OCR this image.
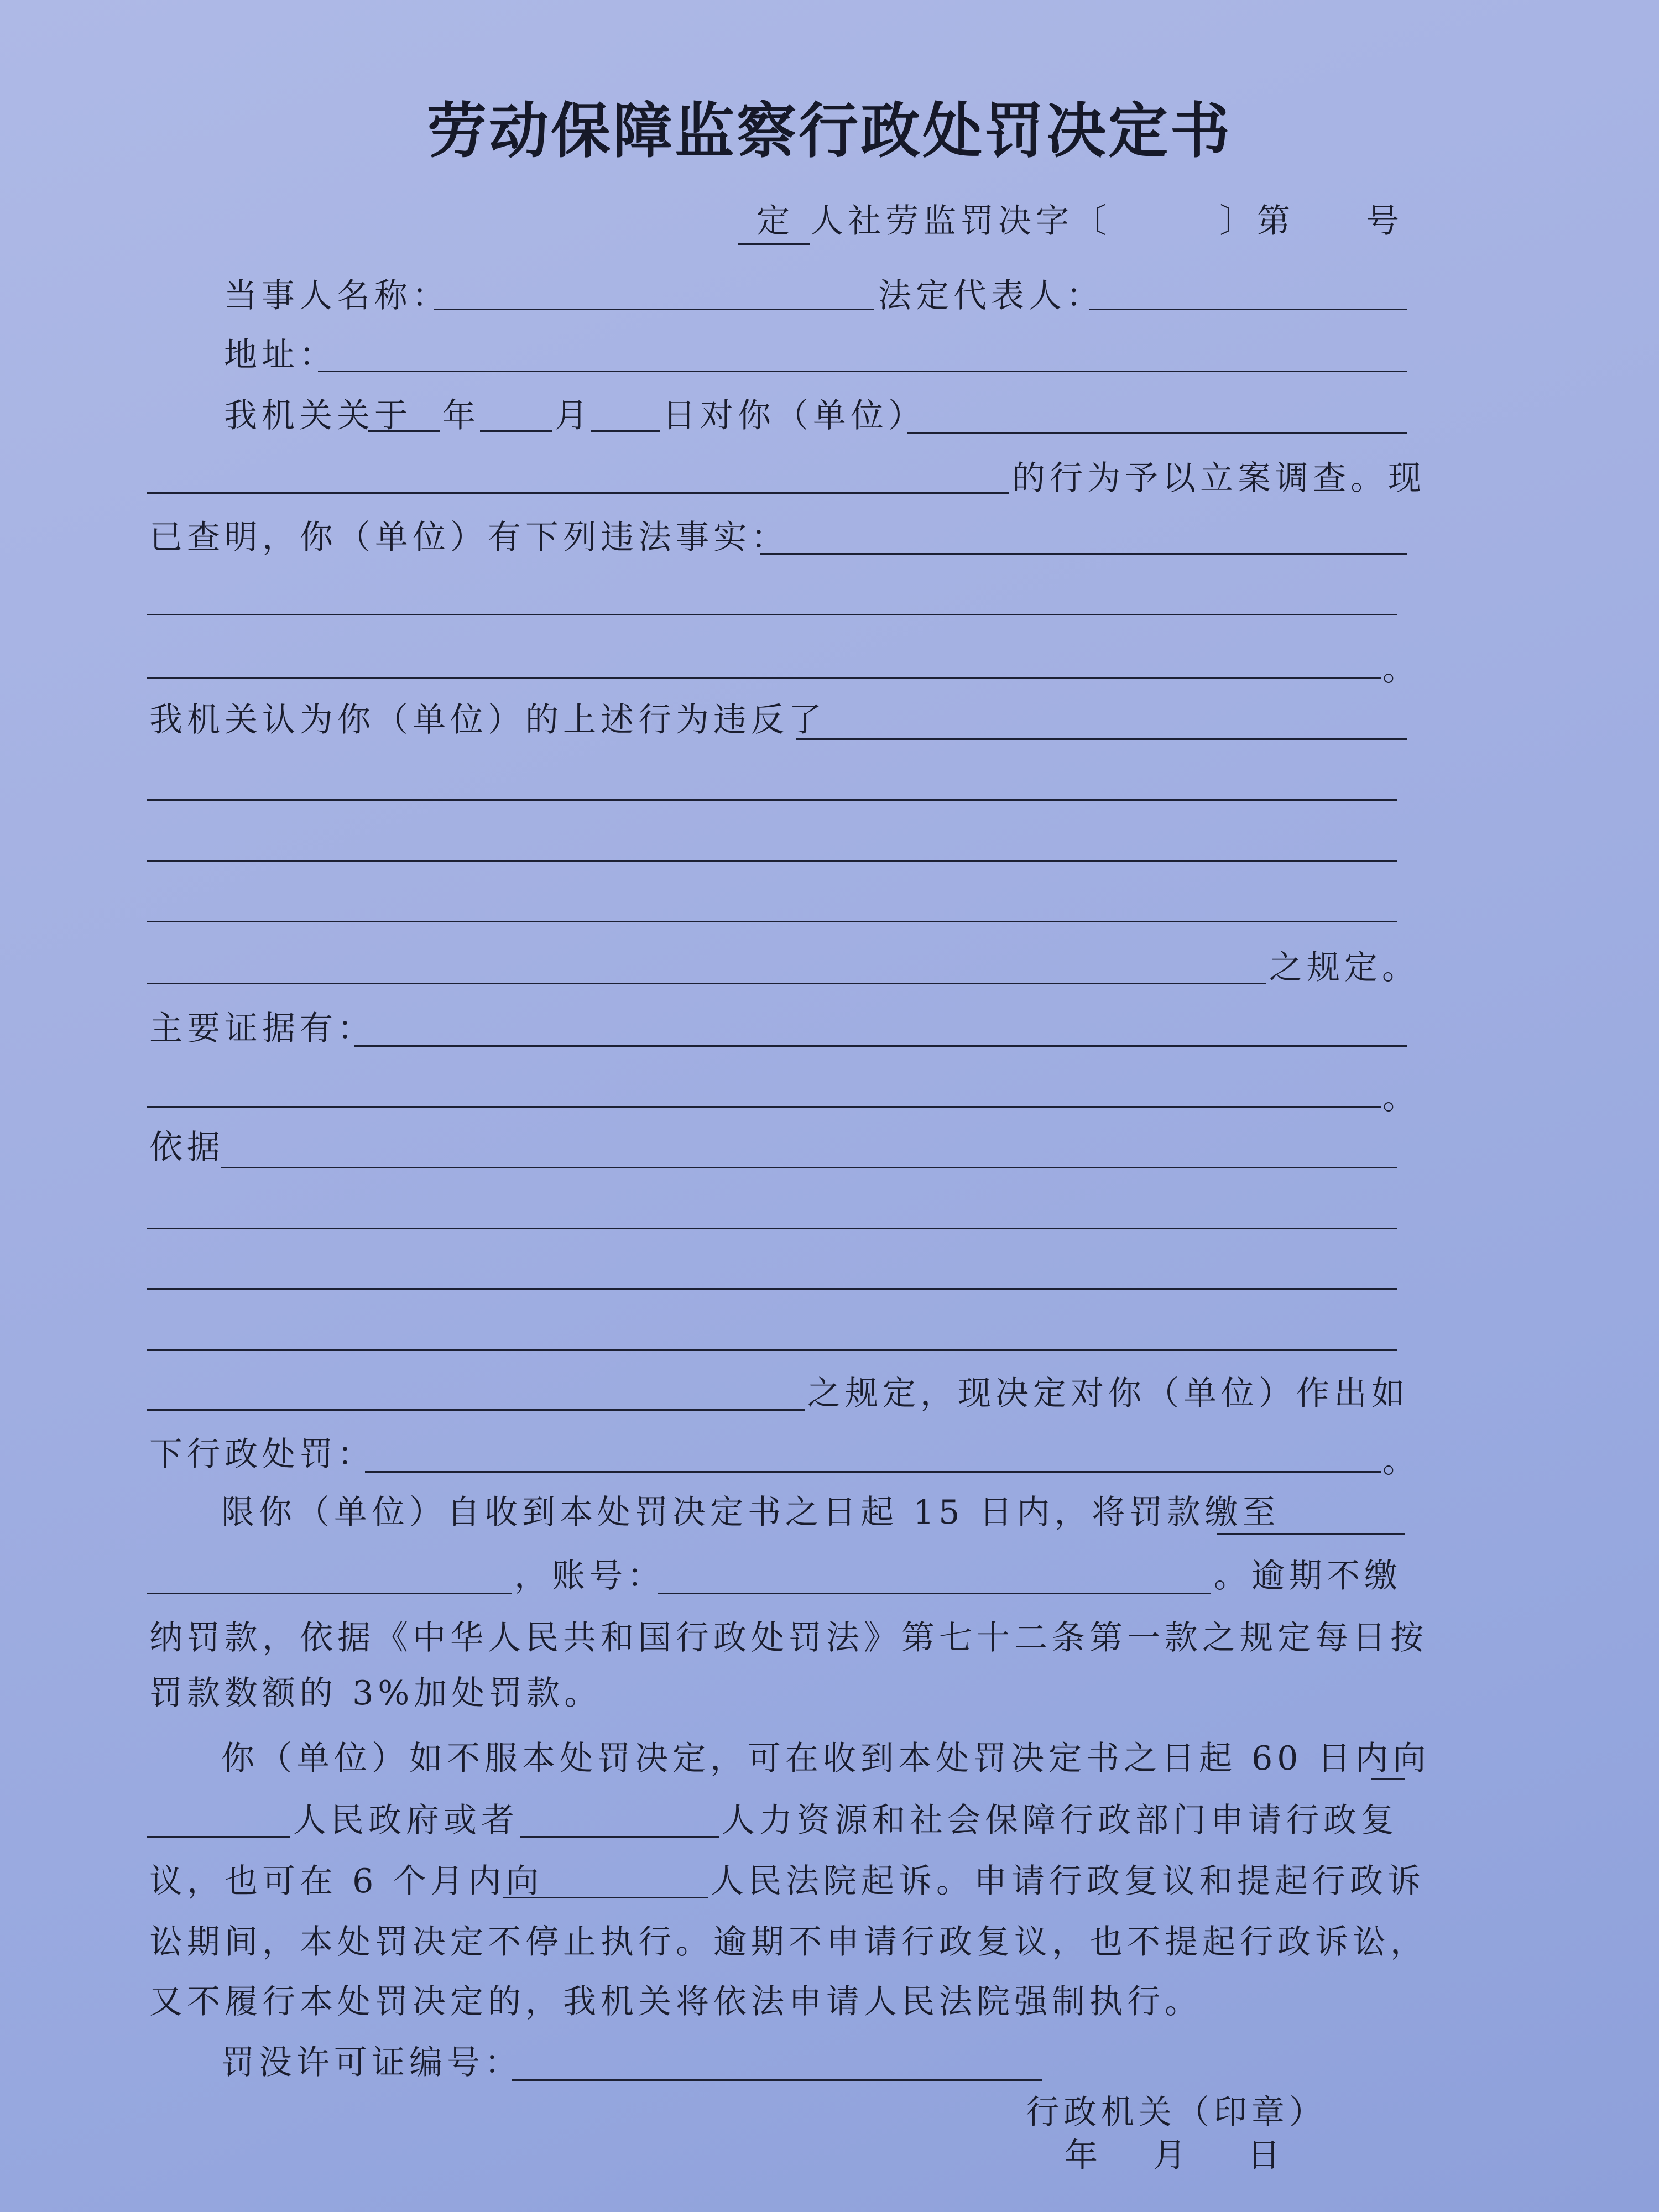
劳动保障监察行政处罚决定书
定 人社劳监罚决字〔	〕第 号
当事人名称：	法定代表人：
地址：
我机关关于 年 月 日对你（单位）
的行为予以立案调查。现
已查明，你（单位）有下列违法事实：
。
我机关认为你（单位）的上述行为违反了
之规定。
主要证据有：
。
依据
之规定，现决定对你（单位）作出如
下行政处罚：	。
限你（单位）自收到本处罚决定书之日起 15 日内，将罚款缴至
，账号：	。逾期不缴
纳罚款，依据《中华人民共和国行政处罚法》第七十二条第一款之规定每日按
罚款数额的 3%加处罚款。
你（单位）如不服本处罚决定，可在收到本处罚决定书之日起 60 日内向
人民政府或者	人力资源和社会保障行政部门申请行政复
议，也可在 6 个月内向	人民法院起诉。申请行政复议和提起行政诉
讼期间，本处罚决定不停止执行。逾期不申请行政复议，也不提起行政诉讼，
又不履行本处罚决定的，我机关将依法申请人民法院强制执行。
罚没许可证编号：
行政机关（印章）
年 月 日
